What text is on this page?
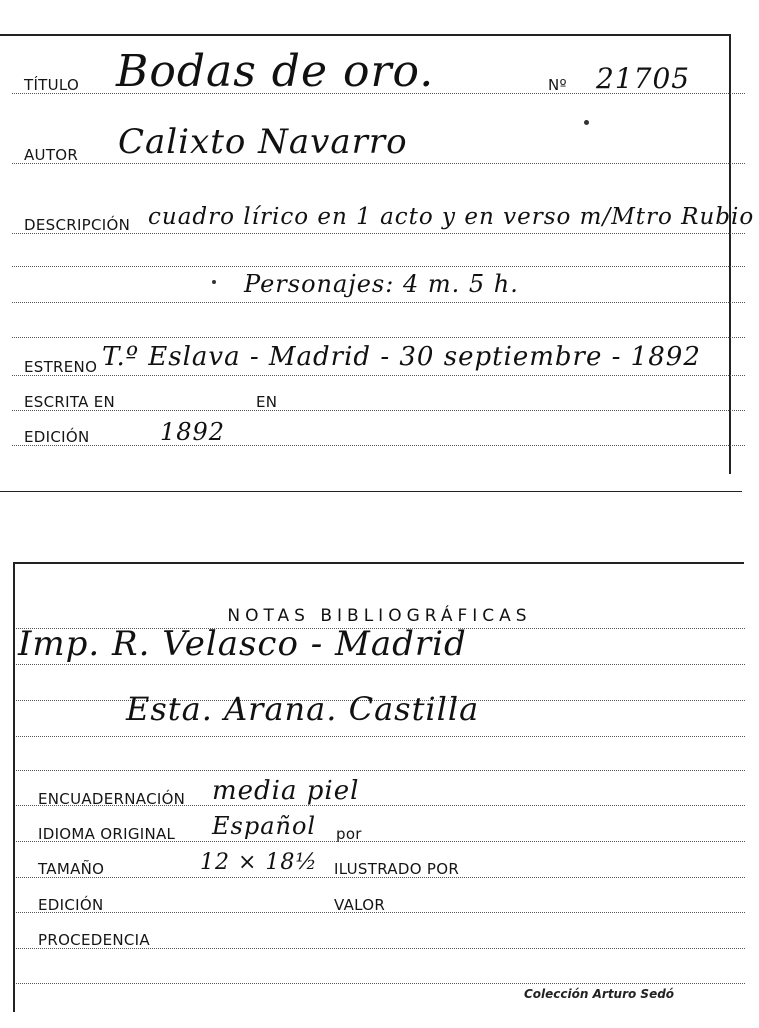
TÍTULO Bodas de oro.	Nº 21705
AUTOR Calixto Navarro
DESCRIPCIÓN cuadro lírico en 1 acto y en verso m/Mtro Rubio
Personajes: 4 m. 5 h.
ESTRENO T.º Eslava - Madrid - 30 septiembre - 1892
ESCRITA EN	EN
EDICIÓN	1892
NOTAS BIBLIOGRÁFICAS
Imp. R. Velasco - Madrid
Esta. Arana. Castilla
ENCUADERNACIÓN media piel
IDIOMA ORIGINAL Español por
TAMAÑO	12 × 18½ ILUSTRADO POR
EDICIÓN	VALOR
PROCEDENCIA
Colección Arturo Sedó
